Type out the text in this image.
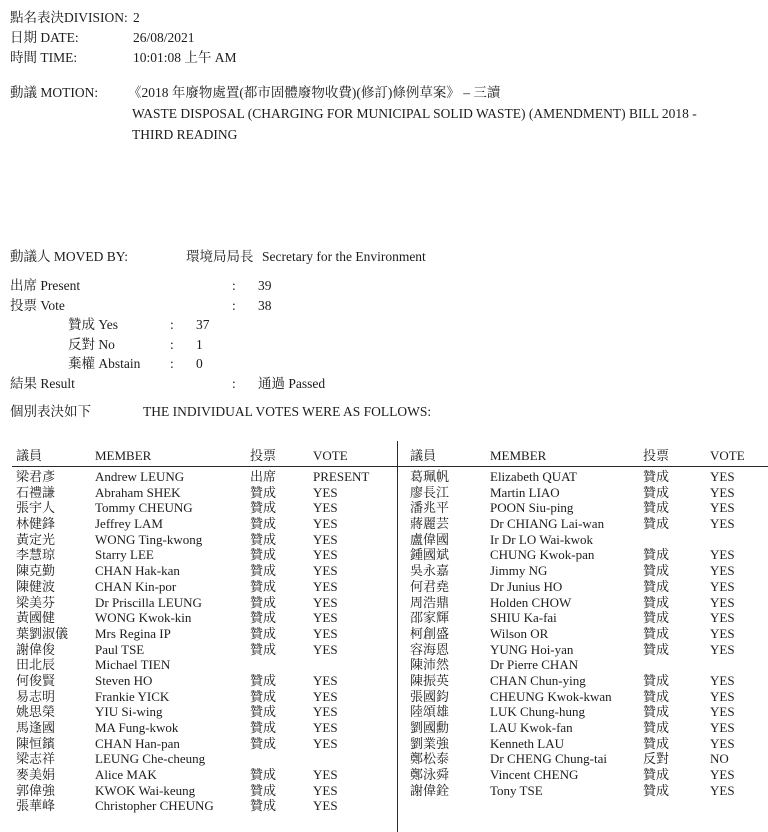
點名表決DIVISION: 2
日期 DATE:	26/08/2021
時間 TIME:	10:01:08 上午 AM
動議 MOTION: 《2018 年廢物處置(都市固體廢物收費)(修訂)條例草案》 – 三讀
WASTE DISPOSAL (CHARGING FOR MUNICIPAL SOLID WASTE) (AMENDMENT) BILL 2018 -
THIRD READING
動議人 MOVED BY:	環境局局長 Secretary for the Environment
出席 Present	: 39
投票 Vote	: 38
贊成 Yes	: 37
反對 No	: 1
棄權 Abstain : 0
結果 Result	: 通過 Passed
個別表決如下	THE INDIVIDUAL VOTES WERE AS FOLLOWS:
議員	MEMBER	投票	VOTE	議員	MEMBER	投票	VOTE
梁君彥	Andrew LEUNG	出席	PRESENT
石禮謙	Abraham SHEK	贊成	YES
張宇人	Tommy CHEUNG	贊成	YES
林健鋒	Jeffrey LAM	贊成	YES
黃定光	WONG Ting-kwong	贊成	YES
李慧琼	Starry LEE	贊成	YES
陳克勤	CHAN Hak-kan	贊成	YES
陳健波	CHAN Kin-por	贊成	YES
梁美芬	Dr Priscilla LEUNG	贊成	YES
黃國健	WONG Kwok-kin	贊成	YES
葉劉淑儀	Mrs Regina IP	贊成	YES
謝偉俊	Paul TSE	贊成	YES
田北辰	Michael TIEN
何俊賢	Steven HO	贊成	YES
易志明	Frankie YICK	贊成	YES
姚思榮	YIU Si-wing	贊成	YES
馬逢國	MA Fung-kwok	贊成	YES
陳恒鑌	CHAN Han-pan	贊成	YES
梁志祥	LEUNG Che-cheung
麥美娟	Alice MAK	贊成	YES
郭偉強	KWOK Wai-keung	贊成	YES
張華峰	Christopher CHEUNG	贊成	YES
葛珮帆	Elizabeth QUAT	贊成	YES
廖長江	Martin LIAO	贊成	YES
潘兆平	POON Siu-ping	贊成	YES
蔣麗芸	Dr CHIANG Lai-wan	贊成	YES
盧偉國	Ir Dr LO Wai-kwok
鍾國斌	CHUNG Kwok-pan	贊成	YES
吳永嘉	Jimmy NG	贊成	YES
何君堯	Dr Junius HO	贊成	YES
周浩鼎	Holden CHOW	贊成	YES
邵家輝	SHIU Ka-fai	贊成	YES
柯創盛	Wilson OR	贊成	YES
容海恩	YUNG Hoi-yan	贊成	YES
陳沛然	Dr Pierre CHAN
陳振英	CHAN Chun-ying	贊成	YES
張國鈞	CHEUNG Kwok-kwan	贊成	YES
陸頌雄	LUK Chung-hung	贊成	YES
劉國勳	LAU Kwok-fan	贊成	YES
劉業強	Kenneth LAU	贊成	YES
鄭松泰	Dr CHENG Chung-tai	反對	NO
鄭泳舜	Vincent CHENG	贊成	YES
謝偉銓	Tony TSE	贊成	YES
